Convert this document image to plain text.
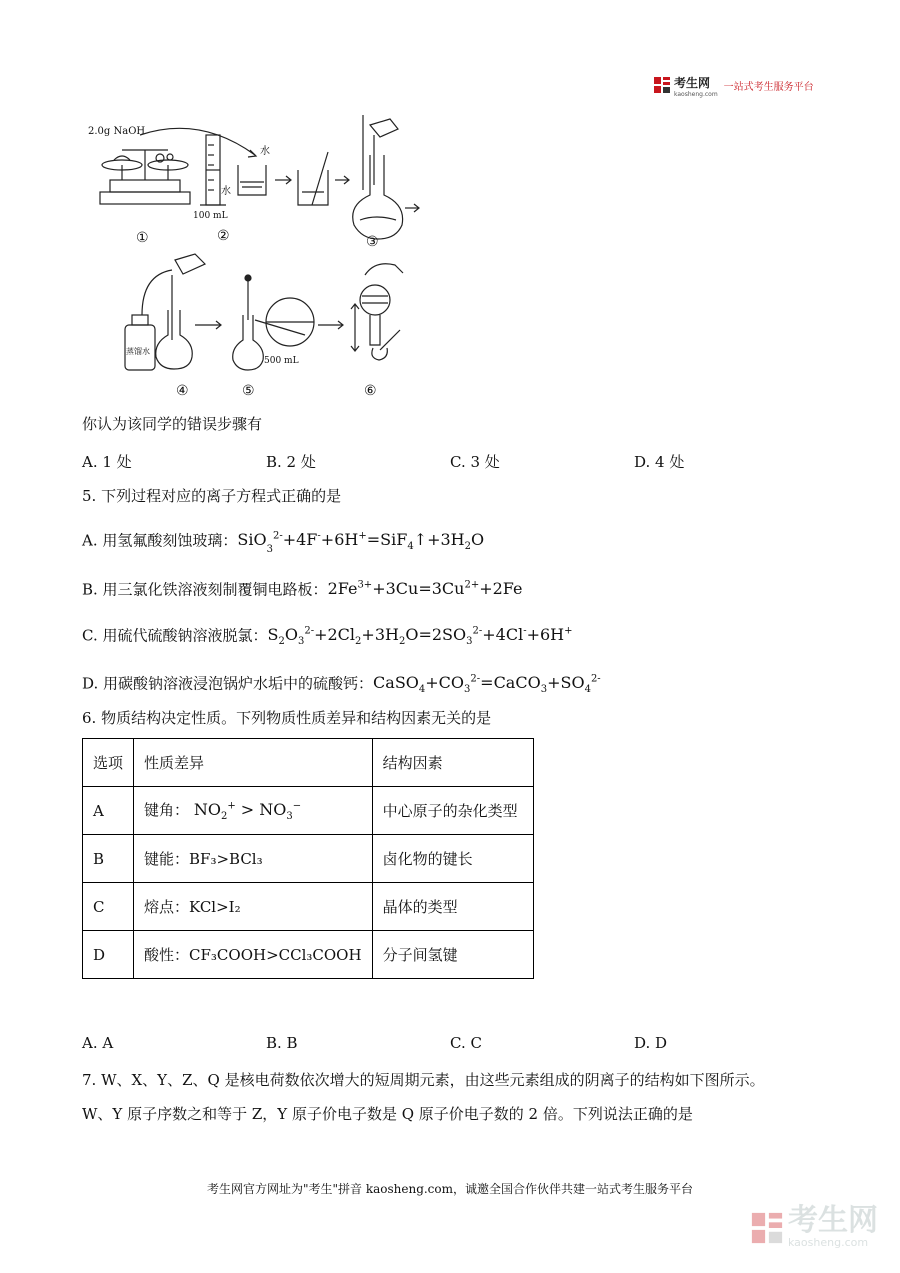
考生网
kaosheng.com
一站式考生服务平台
2.0g NaOH
水
100 mL
水
①	②	③
蒸馏水
500 mL
④	⑤	⑥
你认为该同学的错误步骤有
A. 1 处	B. 2 处	C. 3 处	D. 4 处
5. 下列过程对应的离子方程式正确的是
A. 用氢氟酸刻蚀玻璃：$SiO_3^{2-}+4F^-+6H^+=SiF_4↑+3H_2O$
B. 用三氯化铁溶液刻制覆铜电路板：$2Fe^{3+}+3Cu=3Cu^{2+}+2Fe$
C. 用硫代硫酸钠溶液脱氯：$S_2O_3^{2-}+2Cl_2+3H_2O=2SO_3^{2-}+4Cl^-+6H^+$
D. 用碳酸钠溶液浸泡锅炉水垢中的硫酸钙：$CaSO_4+CO_3^{2-}=CaCO_3+SO_4^{2-}$
6. 物质结构决定性质。下列物质性质差异和结构因素无关的是
选项	性质差异	结构因素
A	键角： $NO_2^+ > NO_3^-$	中心原子的杂化类型
B	键能：BF₃>BCl₃	卤化物的键长
C	熔点：KCl>I₂	晶体的类型
D	酸性：CF₃COOH>CCl₃COOH	分子间氢键
A. A	B. B	C. C	D. D
7. W、X、Y、Z、Q 是核电荷数依次增大的短周期元素，由这些元素组成的阴离子的结构如下图所示。
W、Y 原子序数之和等于 Z，Y 原子价电子数是 Q 原子价电子数的 2 倍。下列说法正确的是
考生网官方网址为"考生"拼音 kaosheng.com，诚邀全国合作伙伴共建一站式考生服务平台
考生网
kaosheng.com
